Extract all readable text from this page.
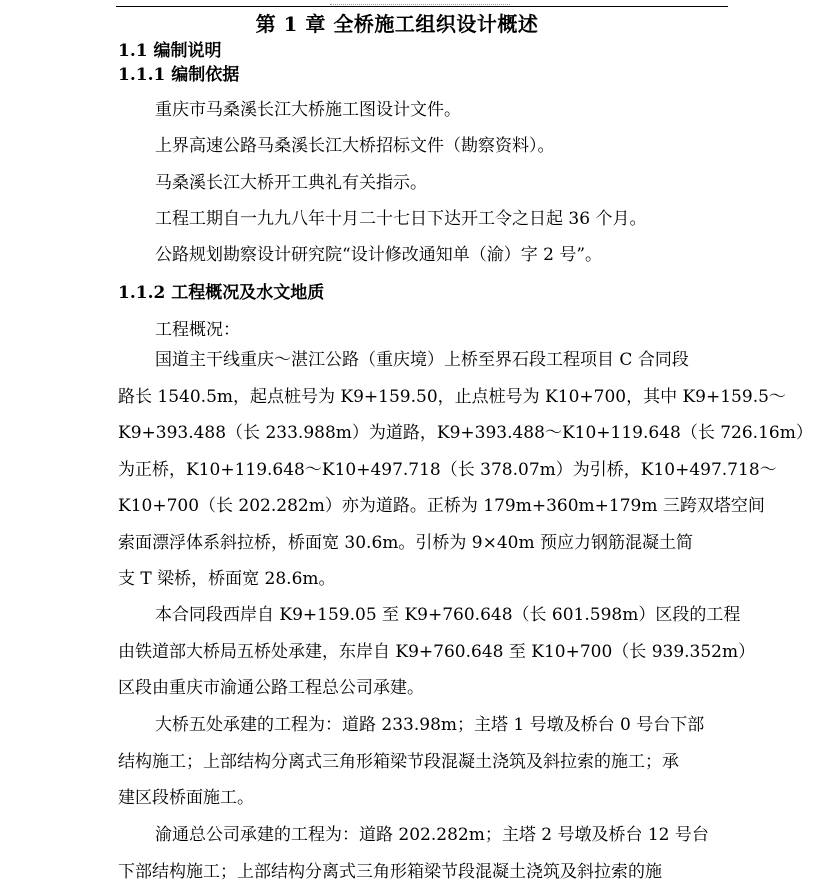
第 1 章 全桥施工组织设计概述
1.1 编制说明
1.1.1 编制依据
重庆市马桑溪长江大桥施工图设计文件。
上界高速公路马桑溪长江大桥招标文件（勘察资料）。
马桑溪长江大桥开工典礼有关指示。
工程工期自一九九八年十月二十七日下达开工令之日起 36 个月。
公路规划勘察设计研究院“设计修改通知单（渝）字 2 号”。
1.1.2 工程概况及水文地质
工程概况：
国道主干线重庆～湛江公路（重庆境）上桥至界石段工程项目 C 合同段
路长 1540.5m，起点桩号为 K9+159.50，止点桩号为 K10+700，其中 K9+159.5～
K9+393.488（长 233.988m）为道路，K9+393.488～K10+119.648（长 726.16m）
为正桥，K10+119.648～K10+497.718（长 378.07m）为引桥，K10+497.718～
K10+700（长 202.282m）亦为道路。正桥为 179m+360m+179m 三跨双塔空间
索面漂浮体系斜拉桥，桥面宽 30.6m。引桥为 9×40m 预应力钢筋混凝土简
支 T 梁桥，桥面宽 28.6m。
本合同段西岸自 K9+159.05 至 K9+760.648（长 601.598m）区段的工程
由铁道部大桥局五桥处承建，东岸自 K9+760.648 至 K10+700（长 939.352m）
区段由重庆市渝通公路工程总公司承建。
大桥五处承建的工程为：道路 233.98m；主塔 1 号墩及桥台 0 号台下部
结构施工；上部结构分离式三角形箱梁节段混凝土浇筑及斜拉索的施工；承
建区段桥面施工。
渝通总公司承建的工程为：道路 202.282m；主塔 2 号墩及桥台 12 号台
下部结构施工；上部结构分离式三角形箱梁节段混凝土浇筑及斜拉索的施
